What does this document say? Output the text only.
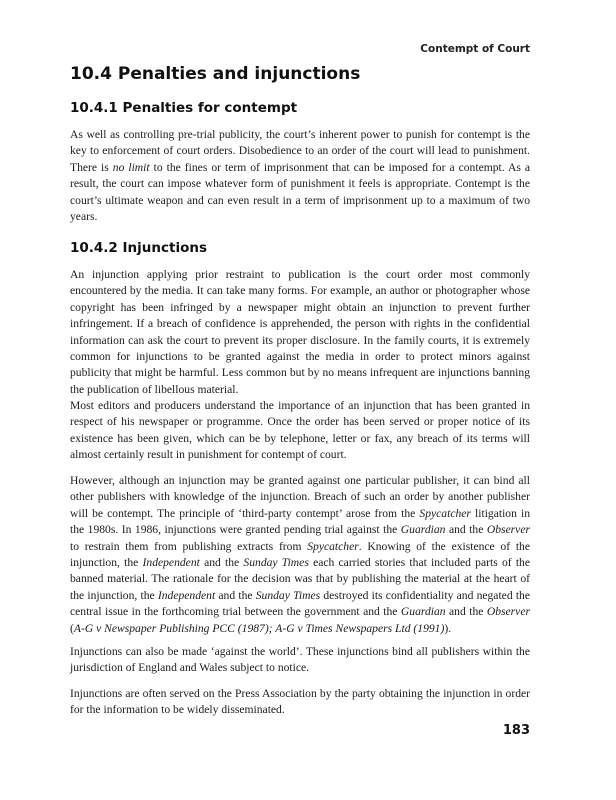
Contempt of Court
10.4 Penalties and injunctions
10.4.1 Penalties for contempt

As well as controlling pre-trial publicity, the court’s inherent power to punish for contempt is the key to enforcement of court orders. Disobedience to an order of the court will lead to punishment. There is no limit to the fines or term of imprisonment that can be imposed for a contempt. As a result, the court can impose whatever form of punishment it feels is appropriate. Contempt is the court’s ultimate weapon and can even result in a term of imprisonment up to a maximum of two years.

10.4.2 Injunctions

An injunction applying prior restraint to publication is the court order most commonly encountered by the media. It can take many forms. For example, an author or photographer whose copyright has been infringed by a newspaper might obtain an injunction to prevent further infringement. If a breach of confidence is apprehended, the person with rights in the confidential information can ask the court to prevent its proper disclosure. In the family courts, it is extremely common for injunctions to be granted against the media in order to protect minors against publicity that might be harmful. Less common but by no means infrequent are injunctions banning the publication of libellous material.

Most editors and producers understand the importance of an injunction that has been granted in respect of his newspaper or programme. Once the order has been served or proper notice of its existence has been given, which can be by telephone, letter or fax, any breach of its terms will almost certainly result in punishment for contempt of court.

However, although an injunction may be granted against one particular publisher, it can bind all other publishers with knowledge of the injunction. Breach of such an order by another publisher will be contempt. The principle of ‘third-party contempt’ arose from the Spycatcher litigation in the 1980s. In 1986, injunctions were granted pending trial against the Guardian and the Observer to restrain them from publishing extracts from Spycatcher. Knowing of the existence of the injunction, the Independent and the Sunday Times each carried stories that included parts of the banned material. The rationale for the decision was that by publishing the material at the heart of the injunction, the Independent and the Sunday Times destroyed its confidentiality and negated the central issue in the forthcoming trial between the government and the Guardian and the Observer (A-G v Newspaper Publishing PCC (1987); A-G v Times Newspapers Ltd (1991)).

Injunctions can also be made ‘against the world’. These injunctions bind all publishers within the jurisdiction of England and Wales subject to notice.

Injunctions are often served on the Press Association by the party obtaining the injunction in order for the information to be widely disseminated.

183
